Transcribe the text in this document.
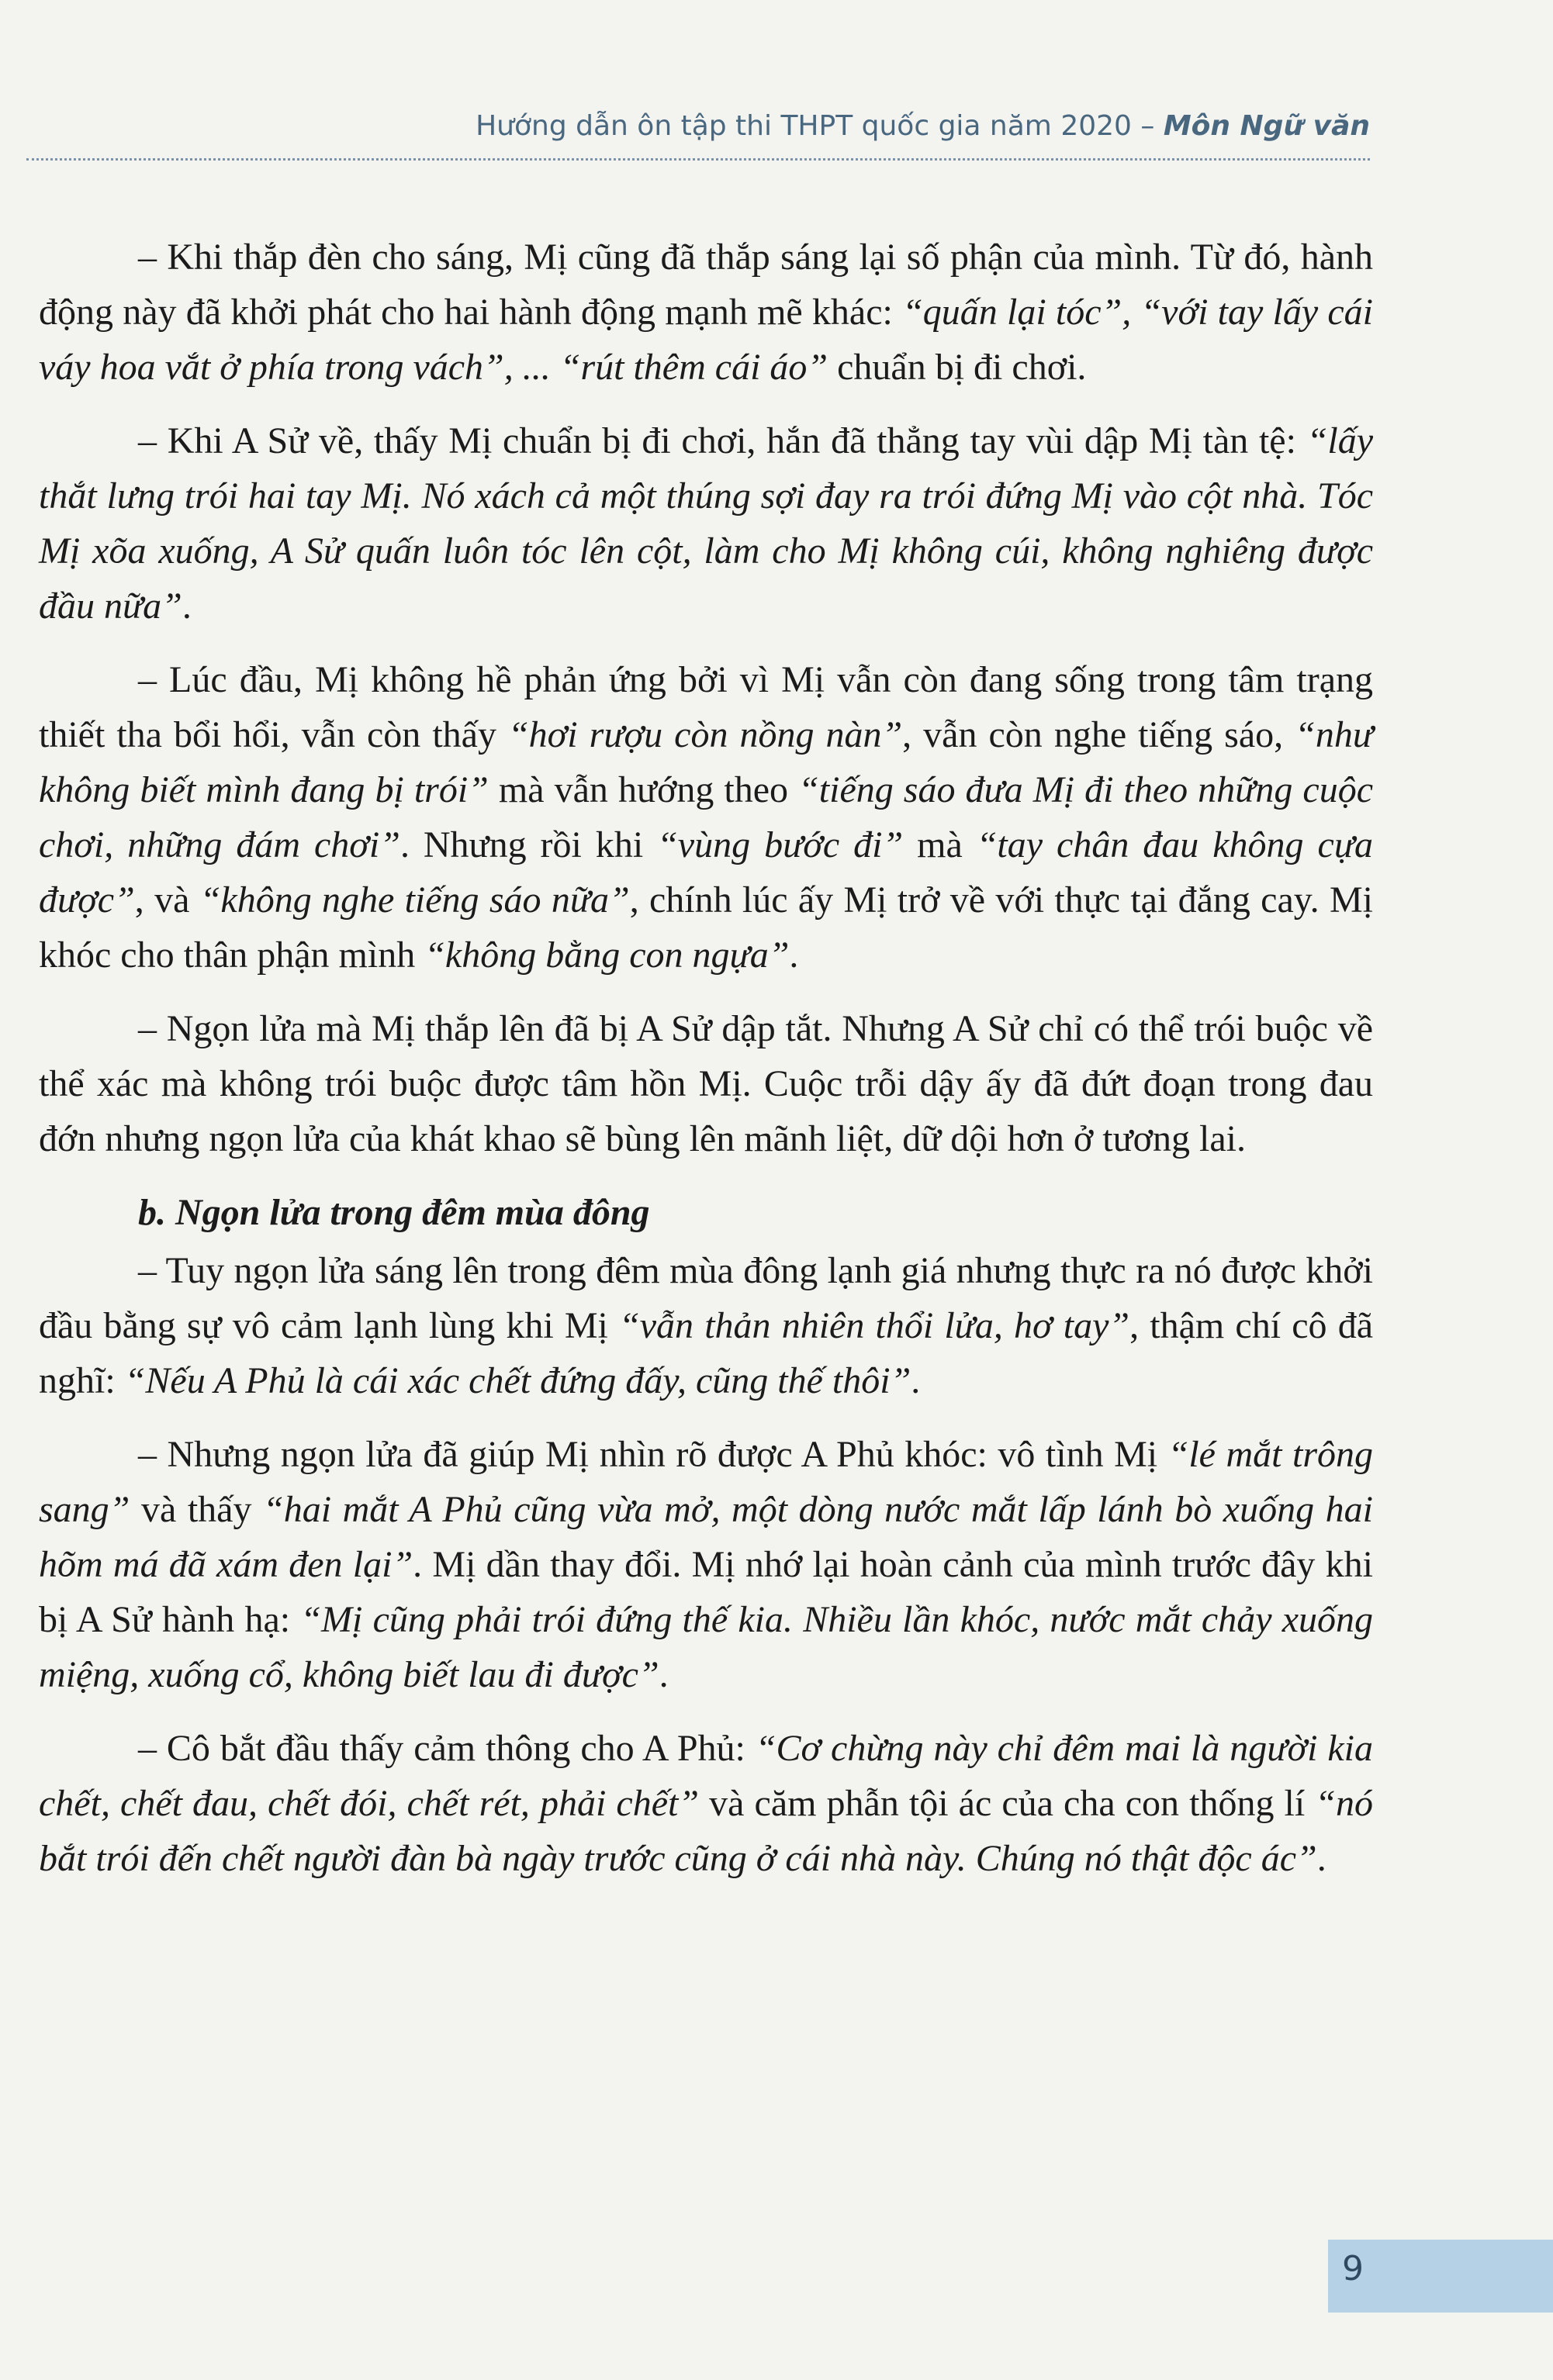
Hướng dẫn ôn tập thi THPT quốc gia năm 2020 – Môn Ngữ văn

– Khi thắp đèn cho sáng, Mị cũng đã thắp sáng lại số phận của mình. Từ đó, hành động này đã khởi phát cho hai hành động mạnh mẽ khác: “quấn lại tóc”, “với tay lấy cái váy hoa vắt ở phía trong vách”, ... “rút thêm cái áo” chuẩn bị đi chơi.

– Khi A Sử về, thấy Mị chuẩn bị đi chơi, hắn đã thẳng tay vùi dập Mị tàn tệ: “lấy thắt lưng trói hai tay Mị. Nó xách cả một thúng sợi đay ra trói đứng Mị vào cột nhà. Tóc Mị xõa xuống, A Sử quấn luôn tóc lên cột, làm cho Mị không cúi, không nghiêng được đầu nữa”.

– Lúc đầu, Mị không hề phản ứng bởi vì Mị vẫn còn đang sống trong tâm trạng thiết tha bổi hổi, vẫn còn thấy “hơi rượu còn nồng nàn”, vẫn còn nghe tiếng sáo, “như không biết mình đang bị trói” mà vẫn hướng theo “tiếng sáo đưa Mị đi theo những cuộc chơi, những đám chơi”. Nhưng rồi khi “vùng bước đi” mà “tay chân đau không cựa được”, và “không nghe tiếng sáo nữa”, chính lúc ấy Mị trở về với thực tại đắng cay. Mị khóc cho thân phận mình “không bằng con ngựa”.

– Ngọn lửa mà Mị thắp lên đã bị A Sử dập tắt. Nhưng A Sử chỉ có thể trói buộc về thể xác mà không trói buộc được tâm hồn Mị. Cuộc trỗi dậy ấy đã đứt đoạn trong đau đớn nhưng ngọn lửa của khát khao sẽ bùng lên mãnh liệt, dữ dội hơn ở tương lai.

b. Ngọn lửa trong đêm mùa đông

– Tuy ngọn lửa sáng lên trong đêm mùa đông lạnh giá nhưng thực ra nó được khởi đầu bằng sự vô cảm lạnh lùng khi Mị “vẫn thản nhiên thổi lửa, hơ tay”, thậm chí cô đã nghĩ: “Nếu A Phủ là cái xác chết đứng đấy, cũng thế thôi”.

– Nhưng ngọn lửa đã giúp Mị nhìn rõ được A Phủ khóc: vô tình Mị “lé mắt trông sang” và thấy “hai mắt A Phủ cũng vừa mở, một dòng nước mắt lấp lánh bò xuống hai hõm má đã xám đen lại”. Mị dần thay đổi. Mị nhớ lại hoàn cảnh của mình trước đây khi bị A Sử hành hạ: “Mị cũng phải trói đứng thế kia. Nhiều lần khóc, nước mắt chảy xuống miệng, xuống cổ, không biết lau đi được”.

– Cô bắt đầu thấy cảm thông cho A Phủ: “Cơ chừng này chỉ đêm mai là người kia chết, chết đau, chết đói, chết rét, phải chết” và căm phẫn tội ác của cha con thống lí “nó bắt trói đến chết người đàn bà ngày trước cũng ở cái nhà này. Chúng nó thật độc ác”.

9
